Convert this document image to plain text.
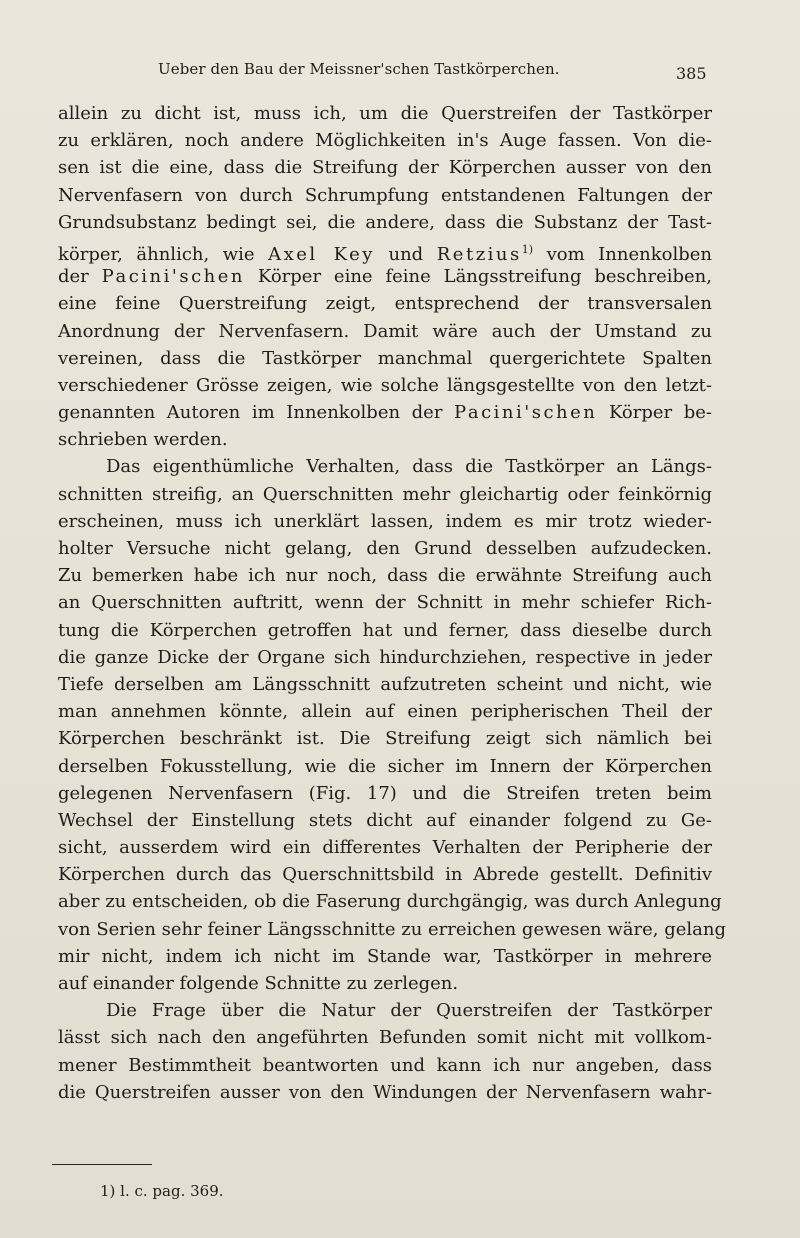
Ueber den Bau der Meissner'schen Tastkörperchen.	385
allein zu dicht ist, muss ich, um die Querstreifen der Tastkörper
zu erklären, noch andere Möglichkeiten in's Auge fassen. Von die-
sen ist die eine, dass die Streifung der Körperchen ausser von den
Nervenfasern von durch Schrumpfung entstandenen Faltungen der
Grundsubstanz bedingt sei, die andere, dass die Substanz der Tast-
körper, ähnlich, wie Axel Key und Retzius$^{1)}$ vom Innenkolben
der Pacini'schen Körper eine feine Längsstreifung beschreiben,
eine feine Querstreifung zeigt, entsprechend der transversalen
Anordnung der Nervenfasern. Damit wäre auch der Umstand zu
vereinen, dass die Tastkörper manchmal quergerichtete Spalten
verschiedener Grösse zeigen, wie solche längsgestellte von den letzt-
genannten Autoren im Innenkolben der Pacini'schen Körper be-
schrieben werden.
Das eigenthümliche Verhalten, dass die Tastkörper an Längs-
schnitten streifig, an Querschnitten mehr gleichartig oder feinkörnig
erscheinen, muss ich unerklärt lassen, indem es mir trotz wieder-
holter Versuche nicht gelang, den Grund desselben aufzudecken.
Zu bemerken habe ich nur noch, dass die erwähnte Streifung auch
an Querschnitten auftritt, wenn der Schnitt in mehr schiefer Rich-
tung die Körperchen getroffen hat und ferner, dass dieselbe durch
die ganze Dicke der Organe sich hindurchziehen, respective in jeder
Tiefe derselben am Längsschnitt aufzutreten scheint und nicht, wie
man annehmen könnte, allein auf einen peripherischen Theil der
Körperchen beschränkt ist. Die Streifung zeigt sich nämlich bei
derselben Fokusstellung, wie die sicher im Innern der Körperchen
gelegenen Nervenfasern (Fig. 17) und die Streifen treten beim
Wechsel der Einstellung stets dicht auf einander folgend zu Ge-
sicht, ausserdem wird ein differentes Verhalten der Peripherie der
Körperchen durch das Querschnittsbild in Abrede gestellt. Definitiv
aber zu entscheiden, ob die Faserung durchgängig, was durch Anlegung
von Serien sehr feiner Längsschnitte zu erreichen gewesen wäre, gelang
mir nicht, indem ich nicht im Stande war, Tastkörper in mehrere
auf einander folgende Schnitte zu zerlegen.
Die Frage über die Natur der Querstreifen der Tastkörper
lässt sich nach den angeführten Befunden somit nicht mit vollkom-
mener Bestimmtheit beantworten und kann ich nur angeben, dass
die Querstreifen ausser von den Windungen der Nervenfasern wahr-
1) l. c. pag. 369.
